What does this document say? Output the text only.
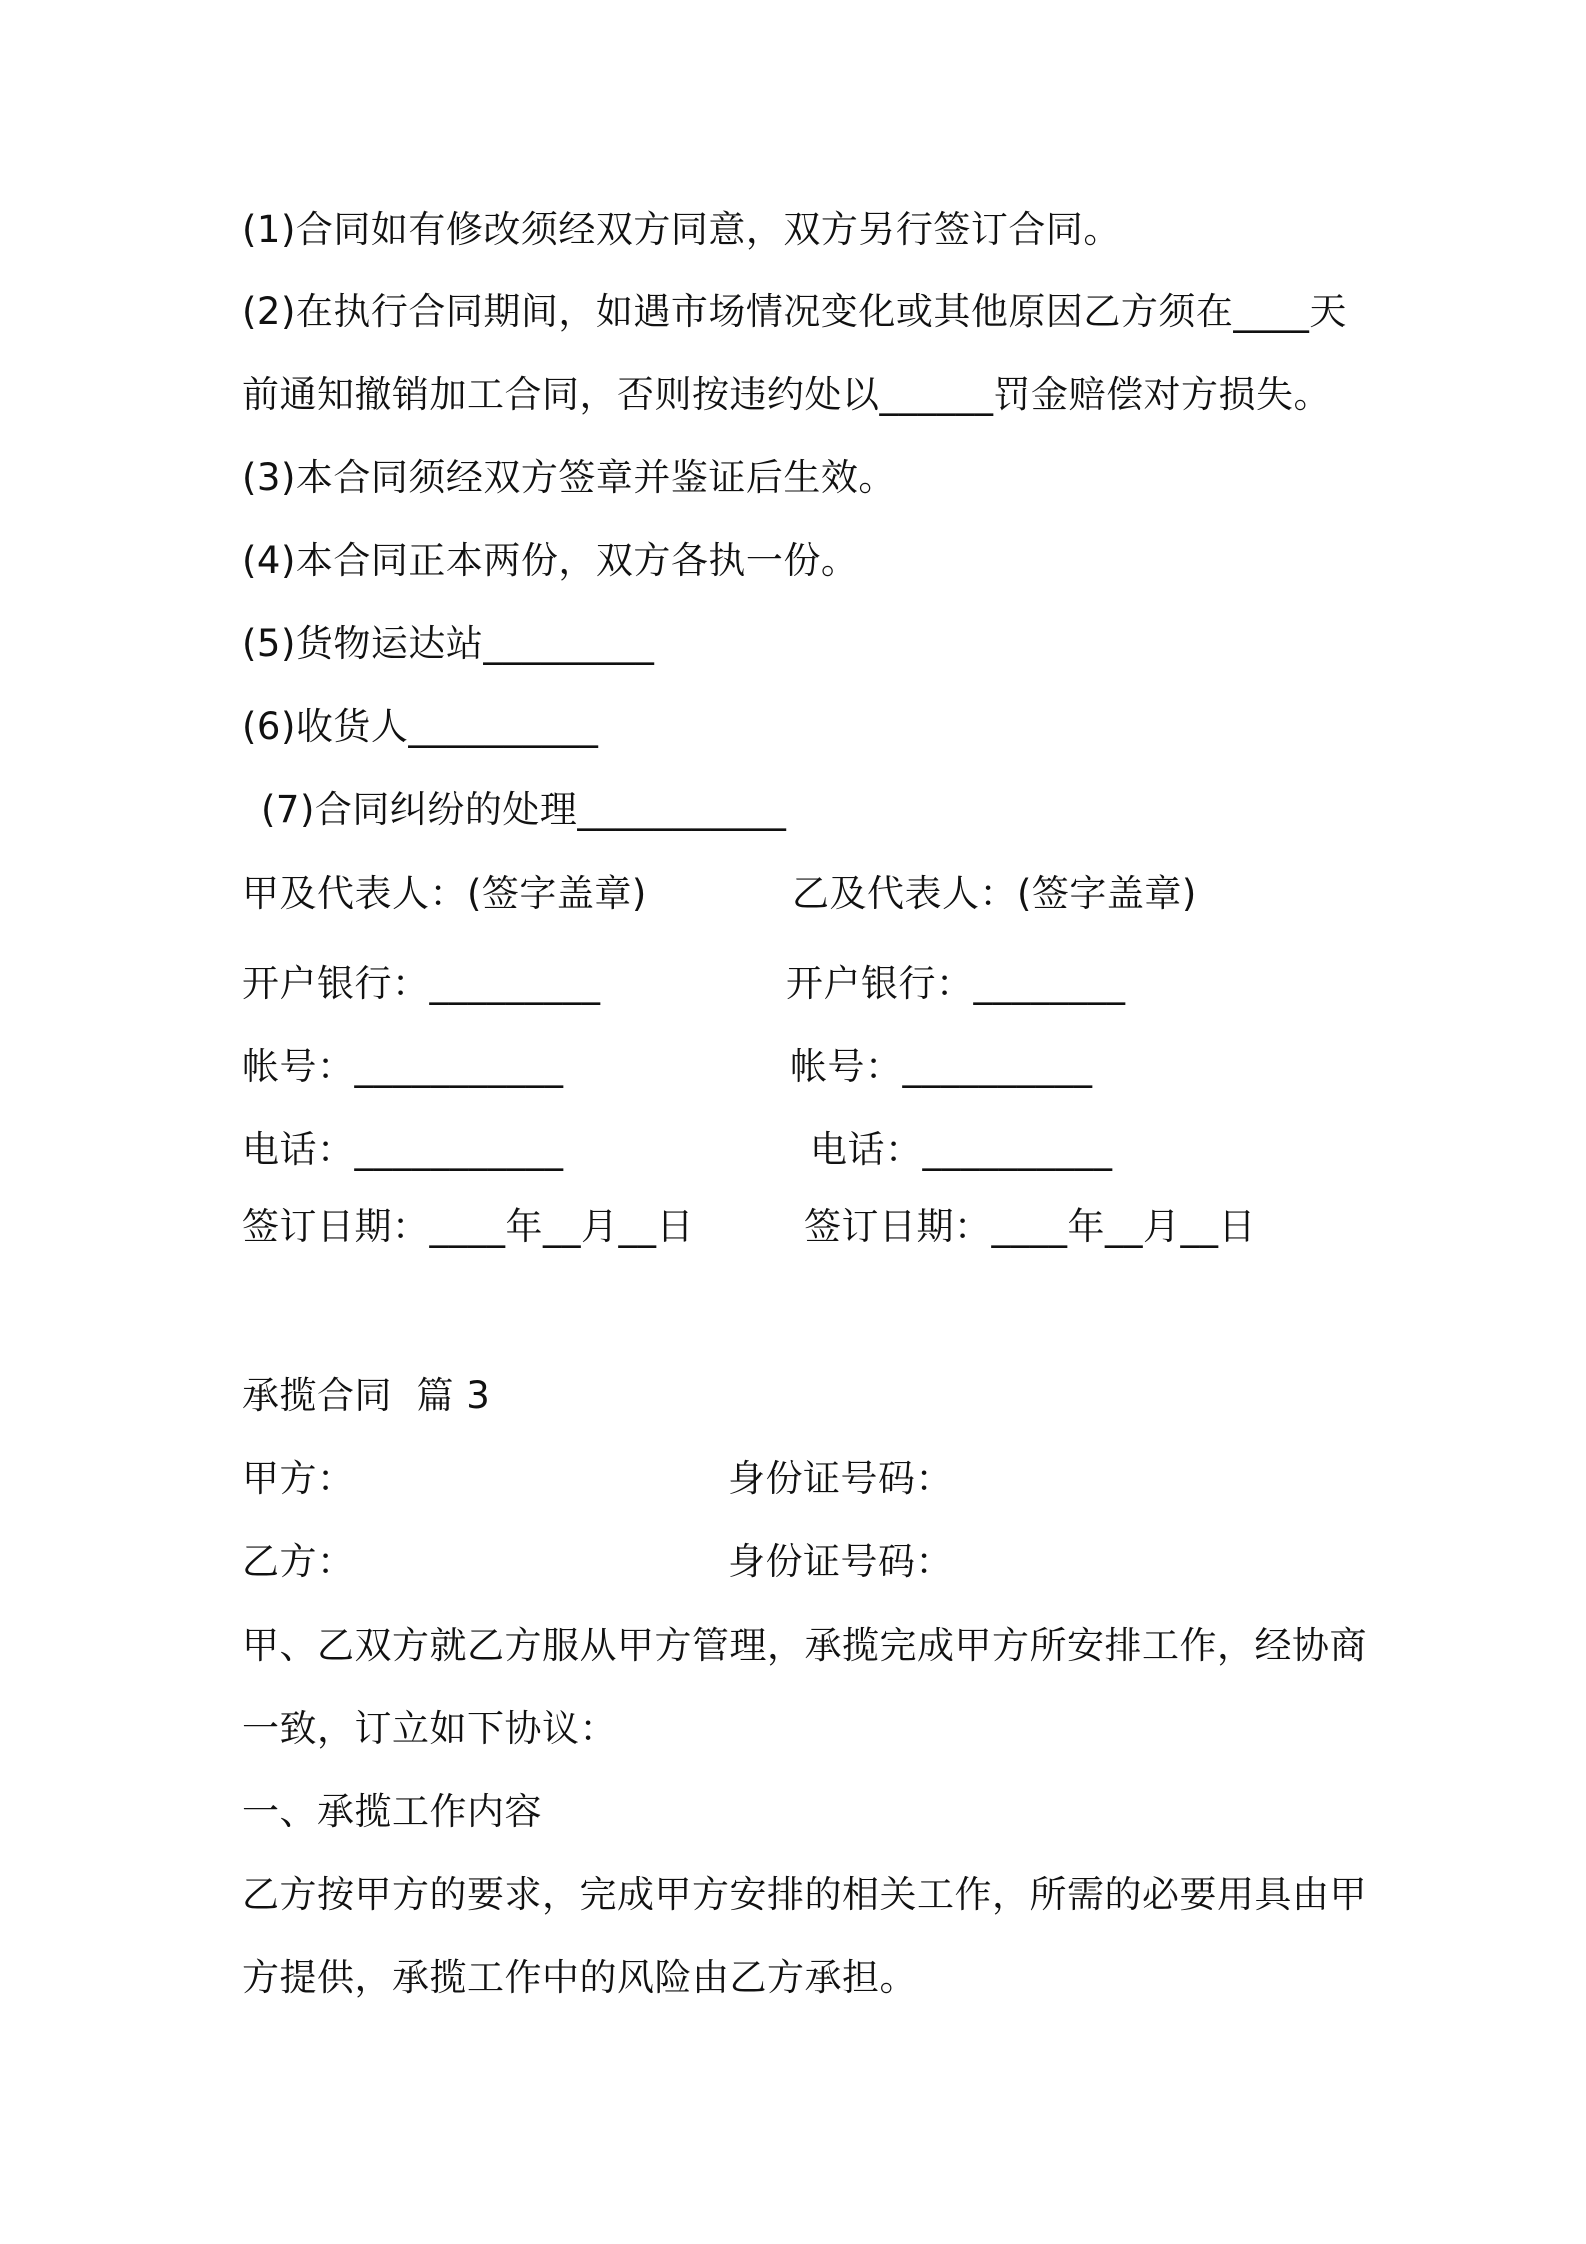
(1)合同如有修改须经双方同意，双方另行签订合同。
(2)在执行合同期间，如遇市场情况变化或其他原因乙方须在____天
前通知撤销加工合同，否则按违约处以______罚金赔偿对方损失。
(3)本合同须经双方签章并鉴证后生效。
(4)本合同正本两份，双方各执一份。
(5)货物运达站_________
(6)收货人__________
(7)合同纠纷的处理___________
甲及代表人：(签字盖章)
开户银行：_________
帐号：___________
电话：___________
签订日期：____年__月__日
乙及代表人：(签字盖章)
开户银行：________
帐号：__________
电话：__________
签订日期：____年__月__日
承揽合同  篇 3
甲方：	身份证号码：
乙方：	身份证号码：
甲、乙双方就乙方服从甲方管理，承揽完成甲方所安排工作，经协商
一致，订立如下协议：
一、承揽工作内容
乙方按甲方的要求，完成甲方安排的相关工作，所需的必要用具由甲
方提供，承揽工作中的风险由乙方承担。
